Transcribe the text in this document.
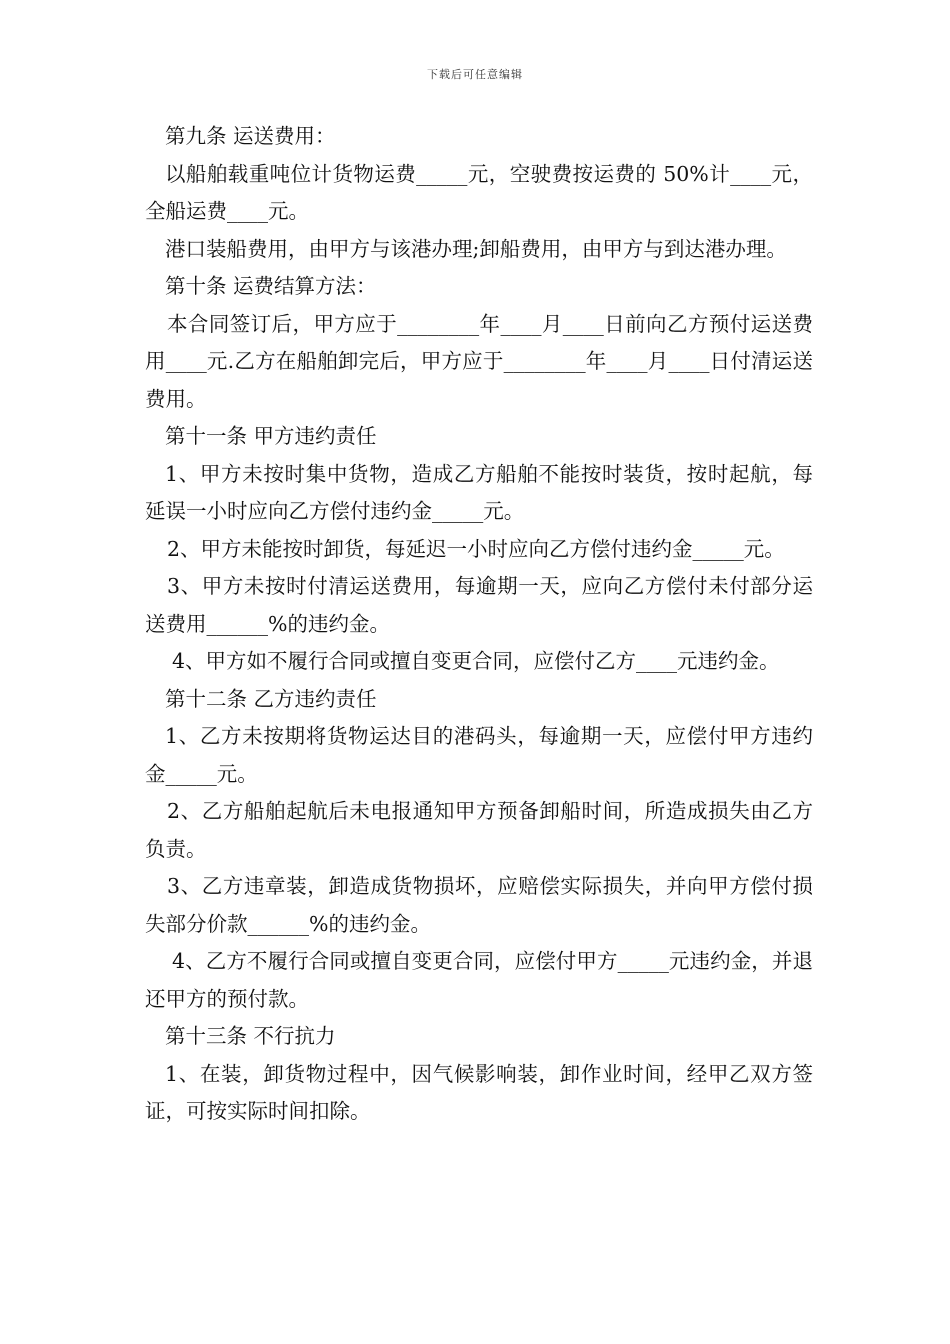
下载后可任意编辑

第九条 运送费用：

以船舶载重吨位计货物运费_____元，空驶费按运费的 50%计____元，全船运费____元。

港口装船费用，由甲方与该港办理;卸船费用，由甲方与到达港办理。

第十条 运费结算方法：

本合同签订后，甲方应于________年____月____日前向乙方预付运送费用____元.乙方在船舶卸完后，甲方应于________年____月____日付清运送费用。

第十一条 甲方违约责任

1、甲方未按时集中货物，造成乙方船舶不能按时装货，按时起航，每延误一小时应向乙方偿付违约金_____元。

2、甲方未能按时卸货，每延迟一小时应向乙方偿付违约金_____元。

3、甲方未按时付清运送费用，每逾期一天，应向乙方偿付未付部分运送费用______%的违约金。

4、甲方如不履行合同或擅自变更合同，应偿付乙方____元违约金。

第十二条 乙方违约责任

1、乙方未按期将货物运达目的港码头，每逾期一天，应偿付甲方违约金_____元。

2、乙方船舶起航后未电报通知甲方预备卸船时间，所造成损失由乙方负责。

3、乙方违章装，卸造成货物损坏，应赔偿实际损失，并向甲方偿付损失部分价款______%的违约金。

4、乙方不履行合同或擅自变更合同，应偿付甲方_____元违约金，并退还甲方的预付款。

第十三条 不行抗力

1、在装，卸货物过程中，因气候影响装，卸作业时间，经甲乙双方签证，可按实际时间扣除。
